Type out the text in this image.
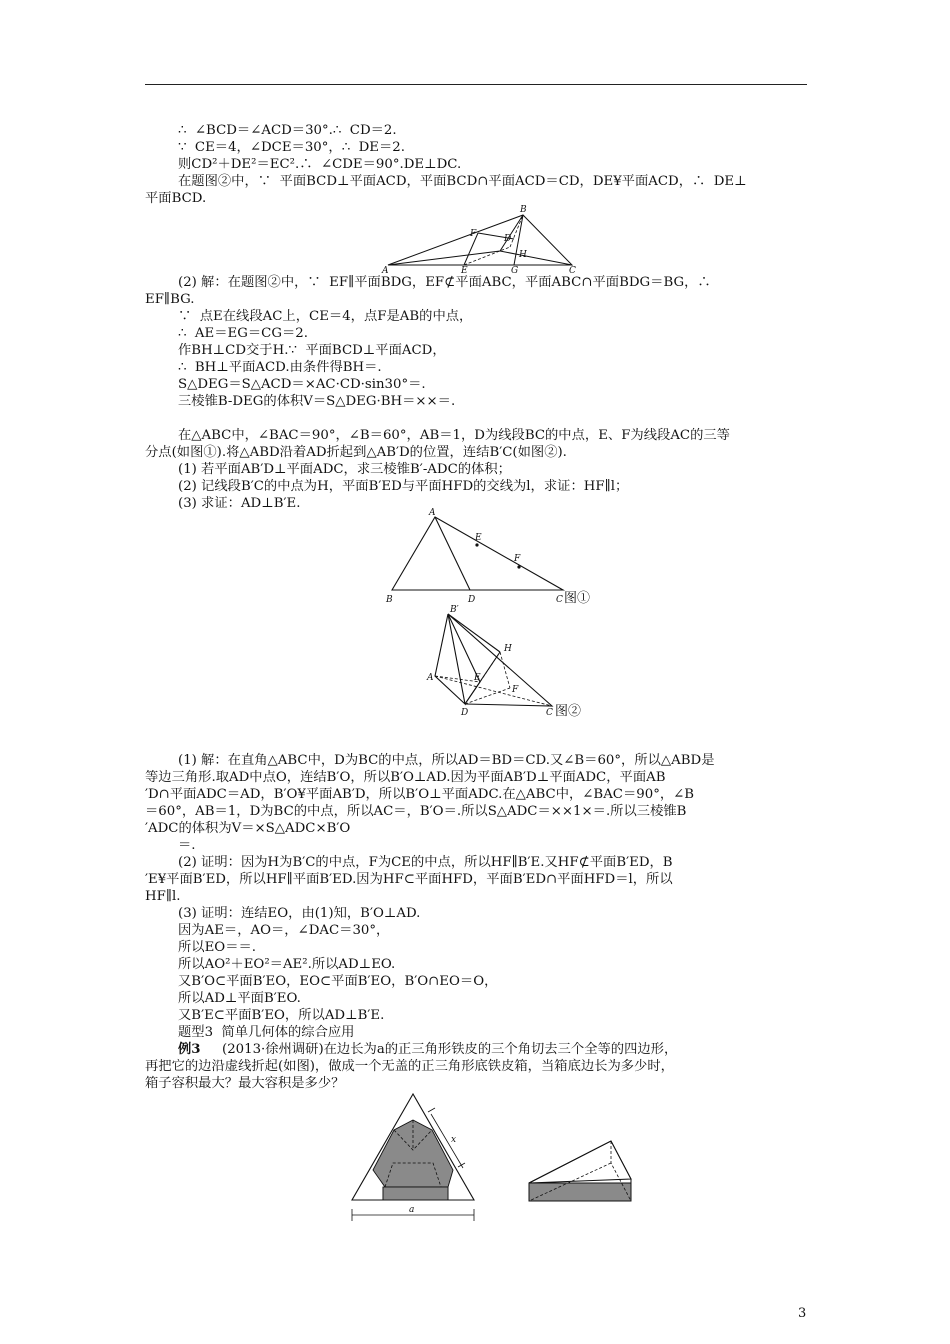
∴  ∠BCD＝∠ACD＝30°.∴  CD＝2.
∵  CE＝4，∠DCE＝30°，∴  DE＝2.
则CD²＋DE²＝EC².∴  ∠CDE＝90°.DE⊥DC.
在题图②中，∵  平面BCD⊥平面ACD，平面BCD∩平面ACD＝CD，DE¥平面ACD，∴  DE⊥
平面BCD.
(2) 解：在题图②中，∵  EF∥平面BDG，EF⊄平面ABC，平面ABC∩平面BDG＝BG，∴
EF∥BG.
∵  点E在线段AC上，CE＝4，点F是AB的中点，
∴  AE＝EG＝CG＝2.
作BH⊥CD交于H.∵  平面BCD⊥平面ACD，
∴  BH⊥平面ACD.由条件得BH＝.
S△DEG＝S△ACD＝×AC·CD·sin30°＝.
三棱锥B-DEG的体积V＝S△DEG·BH＝××＝.
在△ABC中，∠BAC＝90°，∠B＝60°，AB＝1，D为线段BC的中点，E、F为线段AC的三等
分点(如图①).将△ABD沿着AD折起到△AB′D的位置，连结B′C(如图②).
(1) 若平面AB′D⊥平面ADC，求三棱锥B′-ADC的体积；
(2) 记线段B′C的中点为H，平面B′ED与平面HFD的交线为l，求证：HF∥l；
(3) 求证：AD⊥B′E.
(1) 解：在直角△ABC中，D为BC的中点，所以AD＝BD＝CD.又∠B＝60°，所以△ABD是
等边三角形.取AD中点O，连结B′O，所以B′O⊥AD.因为平面AB′D⊥平面ADC，平面AB
′D∩平面ADC＝AD，B′O¥平面AB′D，所以B′O⊥平面ADC.在△ABC中，∠BAC＝90°，∠B
＝60°，AB＝1，D为BC的中点，所以AC＝，B′O＝.所以S△ADC＝××1×＝.所以三棱锥B
′ADC的体积为V＝×S△ADC×B′O
＝.
(2) 证明：因为H为B′C的中点，F为CE的中点，所以HF∥B′E.又HF⊄平面B′ED，B
′E¥平面B′ED，所以HF∥平面B′ED.因为HF⊂平面HFD，平面B′ED∩平面HFD＝l，所以
HF∥l.
(3) 证明：连结EO，由(1)知，B′O⊥AD.
因为AE＝，AO＝，∠DAC＝30°，
所以EO＝＝.
所以AO²＋EO²＝AE².所以AD⊥EO.
又B′O⊂平面B′EO，EO⊂平面B′EO，B′O∩EO＝O，
所以AD⊥平面B′EO.
又B′E⊂平面B′EO，所以AD⊥B′E.
题型3  简单几何体的综合应用
例3 (2013·徐州调研)在边长为a的正三角形铁皮的三个角切去三个全等的四边形，
再把它的边沿虚线折起(如图)，做成一个无盖的正三角形底铁皮箱，当箱底边长为多少时，
箱子容积最大？最大容积是多少？
B
F	D
E	G
H
A	C
A
E
F
B	D	C 图①
B′
H
A	E
F
D	C 图②
x
a
3
